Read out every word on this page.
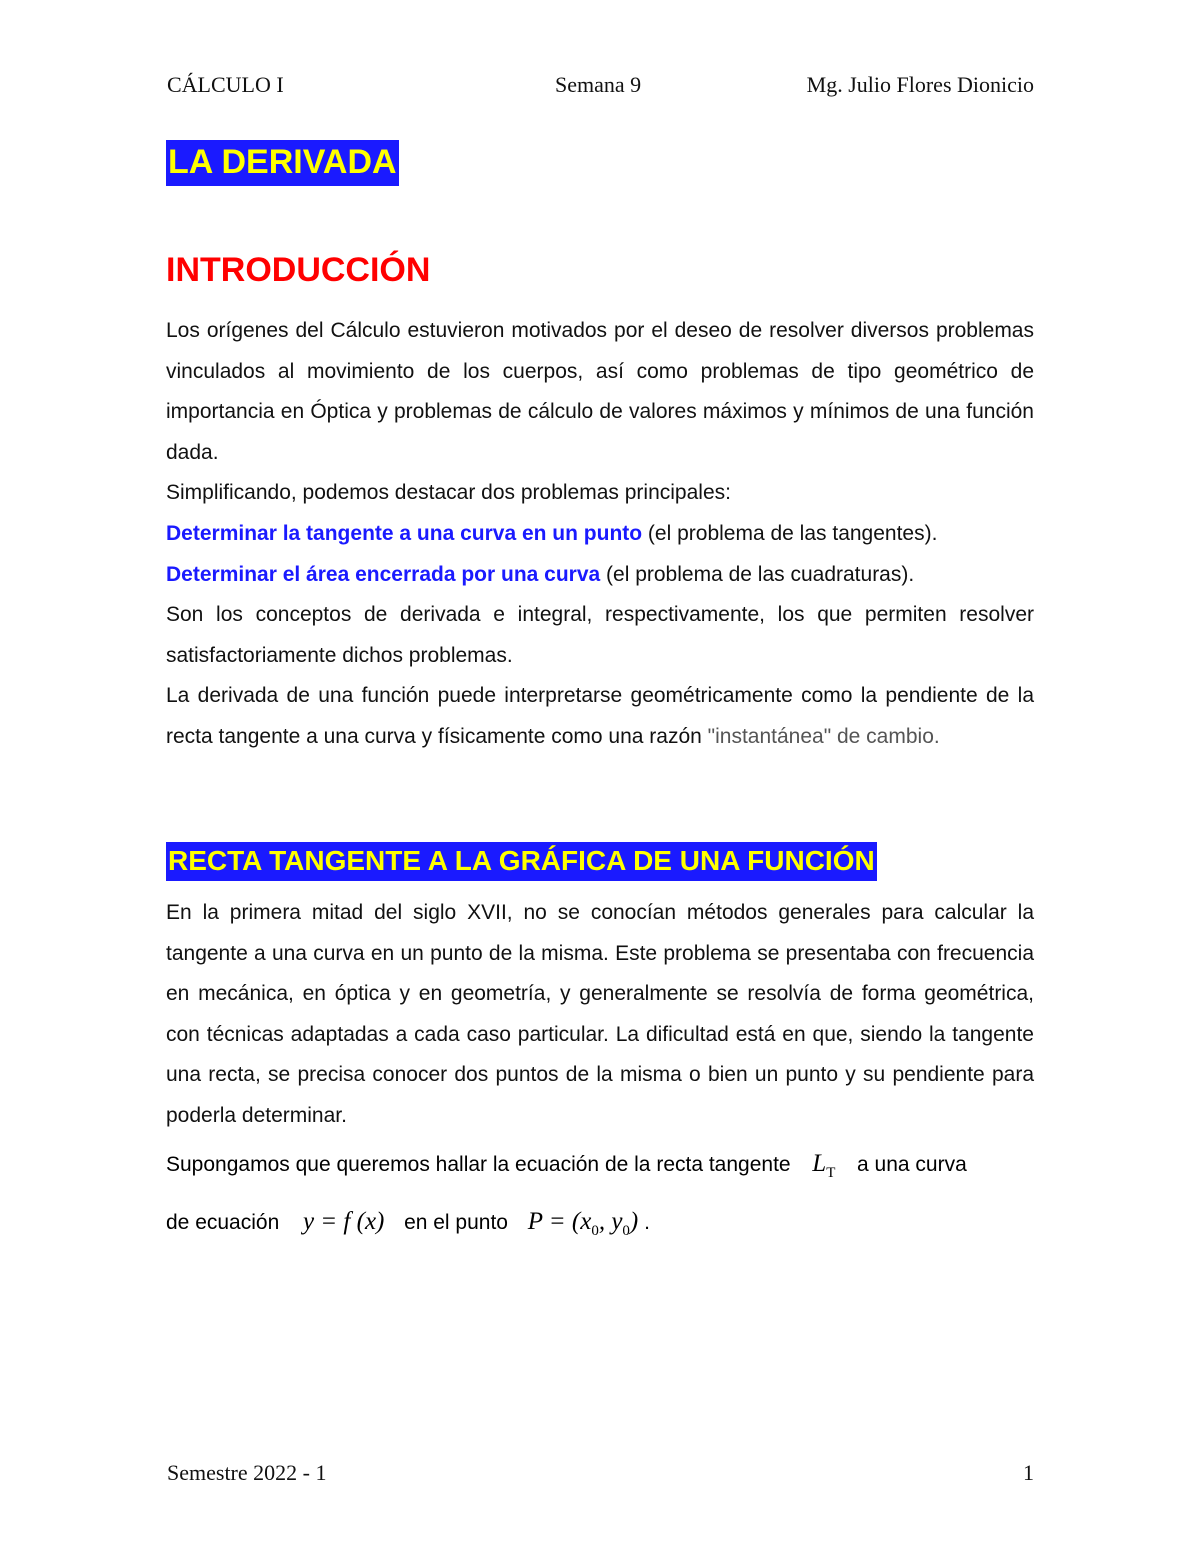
CÁLCULO I	Semana 9	Mg. Julio Flores Dionicio
LA DERIVADA
INTRODUCCIÓN
Los orígenes del Cálculo estuvieron motivados por el deseo de resolver diversos problemas vinculados al movimiento de los cuerpos, así como problemas de tipo geométrico de importancia en Óptica y problemas de cálculo de valores máximos y mínimos de una función dada.
Simplificando, podemos destacar dos problemas principales:
Determinar la tangente a una curva en un punto (el problema de las tangentes).
Determinar el área encerrada por una curva (el problema de las cuadraturas).
Son los conceptos de derivada e integral, respectivamente, los que permiten resolver satisfactoriamente dichos problemas.
La derivada de una función puede interpretarse geométricamente como la pendiente de la recta tangente a una curva y físicamente como una razón "instantánea" de cambio.
RECTA TANGENTE A LA GRÁFICA DE UNA FUNCIÓN
En la primera mitad del siglo XVII, no se conocían métodos generales para calcular la tangente a una curva en un punto de la misma. Este problema se presentaba con frecuencia en mecánica, en óptica y en geometría, y generalmente se resolvía de forma geométrica, con técnicas adaptadas a cada caso particular. La dificultad está en que, siendo la tangente una recta, se precisa conocer dos puntos de la misma o bien un punto y su pendiente para poderla determinar.
Supongamos que queremos hallar la ecuación de la recta tangente $L_T$ a una curva
de ecuación y = f (x) en el punto $P = (x_0$, $y_0$) .
Semestre 2022 - 1	1
